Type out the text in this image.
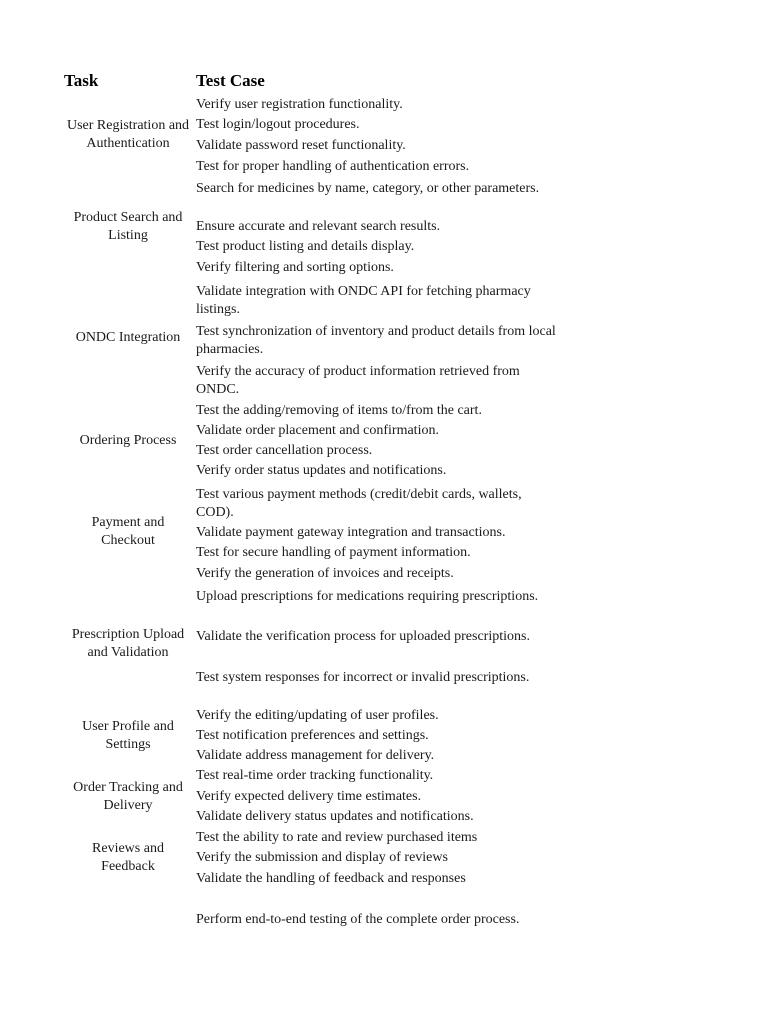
Task	Test Case
User Registration and Authentication
Product Search and Listing
ONDC Integration
Ordering Process
Payment and Checkout
Prescription Upload and Validation
User Profile and Settings
Order Tracking and Delivery
Reviews and Feedback
Verify user registration functionality.
Test login/logout procedures.
Validate password reset functionality.
Test for proper handling of authentication errors.
Search for medicines by name, category, or other parameters.
Ensure accurate and relevant search results.
Test product listing and details display.
Verify filtering and sorting options.
Validate integration with ONDC API for fetching pharmacy listings.
Test synchronization of inventory and product details from local pharmacies.
Verify the accuracy of product information retrieved from ONDC.
Test the adding/removing of items to/from the cart.
Validate order placement and confirmation.
Test order cancellation process.
Verify order status updates and notifications.
Test various payment methods (credit/debit cards, wallets, COD).
Validate payment gateway integration and transactions.
Test for secure handling of payment information.
Verify the generation of invoices and receipts.
Upload prescriptions for medications requiring prescriptions.
Validate the verification process for uploaded prescriptions.
Test system responses for incorrect or invalid prescriptions.
Verify the editing/updating of user profiles.
Test notification preferences and settings.
Validate address management for delivery.
Test real-time order tracking functionality.
Verify expected delivery time estimates.
Validate delivery status updates and notifications.
Test the ability to rate and review purchased items
Verify the submission and display of reviews
Validate the handling of feedback and responses
Perform end-to-end testing of the complete order process.
